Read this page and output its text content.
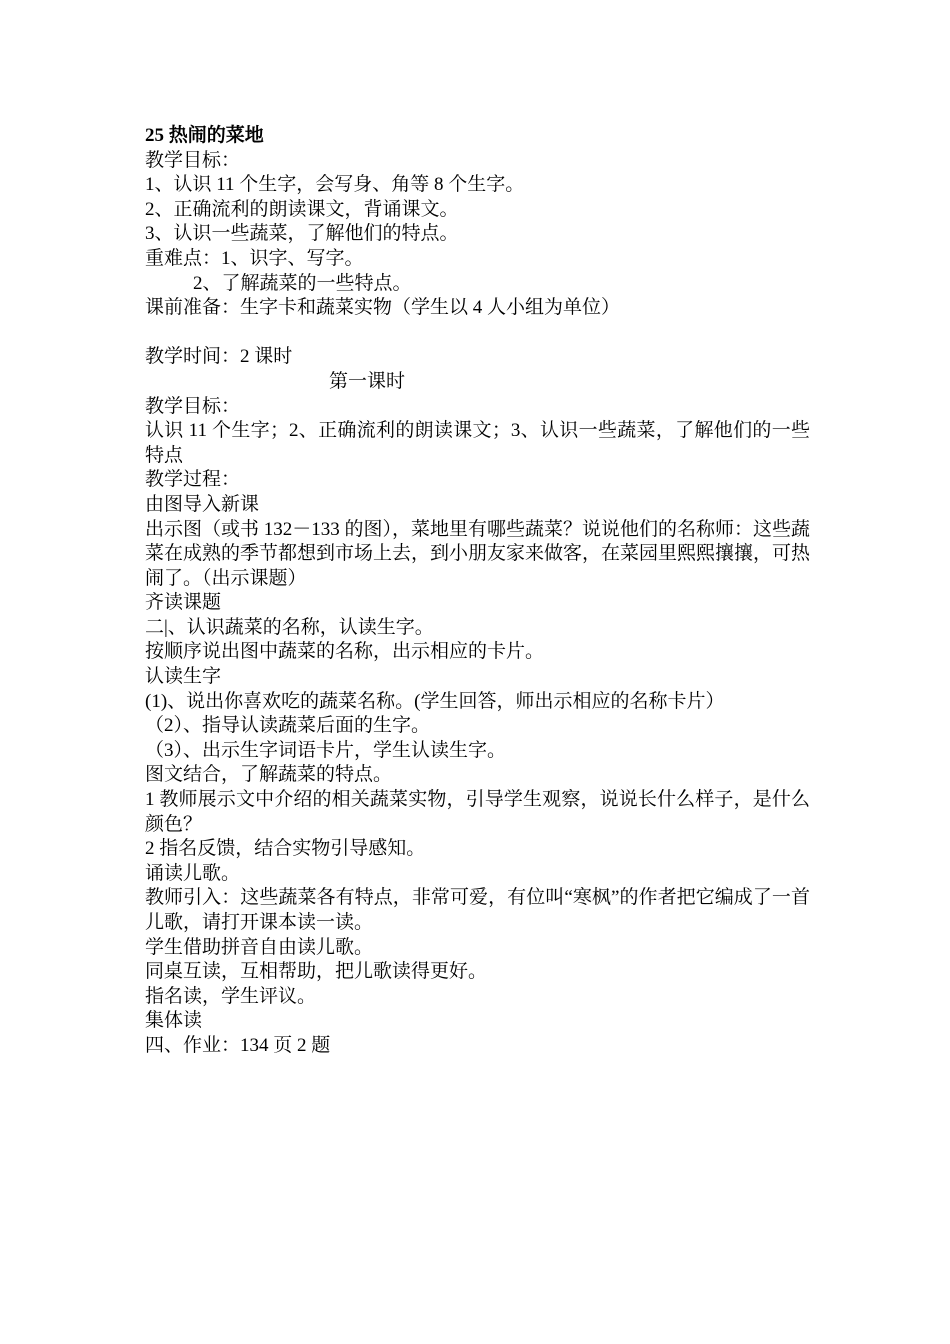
25 热闹的菜地
教学目标：
1、认识 11 个生字，会写身、角等 8 个生字。
2、正确流利的朗读课文，背诵课文。
3、认识一些蔬菜，了解他们的特点。
重难点：1、识字、写字。
2、了解蔬菜的一些特点。
课前准备：生字卡和蔬菜实物（学生以 4 人小组为单位）
教学时间：2 课时
第一课时
教学目标：
认识 11 个生字；2、正确流利的朗读课文；3、认识一些蔬菜，了解他们的一些特点
教学过程：
由图导入新课
出示图（或书 132－133 的图），菜地里有哪些蔬菜？说说他们的名称师：这些蔬菜在成熟的季节都想到市场上去，到小朋友家来做客，在菜园里熙熙攘攘，可热闹了。（出示课题）
齐读课题
二|、认识蔬菜的名称，认读生字。
按顺序说出图中蔬菜的名称，出示相应的卡片。
认读生字
(1)、说出你喜欢吃的蔬菜名称。(学生回答，师出示相应的名称卡片）
（2）、指导认读蔬菜后面的生字。
（3）、出示生字词语卡片，学生认读生字。
图文结合，了解蔬菜的特点。
1 教师展示文中介绍的相关蔬菜实物，引导学生观察，说说长什么样子，是什么颜色？
2 指名反馈，结合实物引导感知。
诵读儿歌。
教师引入：这些蔬菜各有特点，非常可爱，有位叫“寒枫”的作者把它编成了一首儿歌，请打开课本读一读。
学生借助拼音自由读儿歌。
同桌互读，互相帮助，把儿歌读得更好。
指名读，学生评议。
集体读
四、作业：134 页 2 题
